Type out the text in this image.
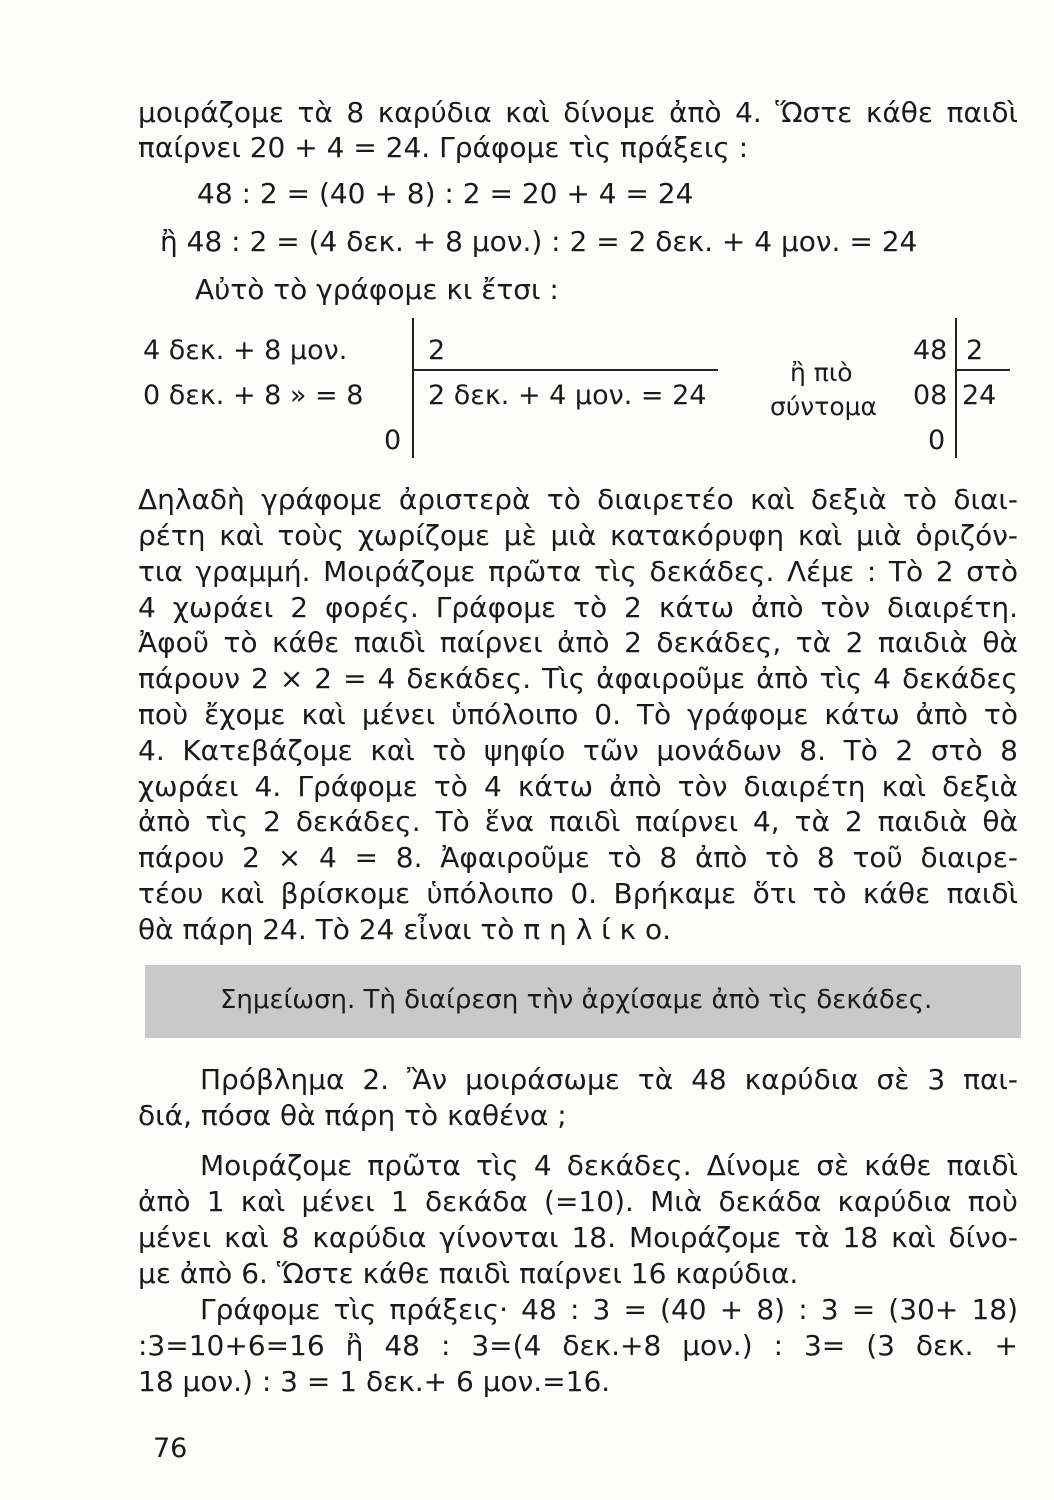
μοιράζομε τὰ 8 καρύδια καὶ δίνομε ἀπὸ 4. Ὥστε κάθε παιδὶ
παίρνει 20 + 4 = 24. Γράφομε τὶς πράξεις :
48 : 2 = (40 + 8) : 2 = 20 + 4 = 24
ἢ 48 : 2 = (4 δεκ. + 8 μον.) : 2 = 2 δεκ. + 4 μον. = 24
Αὐτὸ τὸ γράφομε κι ἔτσι :
4 δεκ. + 8 μον.
0 δεκ. + 8 » = 8
0
2
2 δεκ. + 4 μον. = 24
ἢ πιὸ
σύντομα
48
08
0
2
24
Δηλαδὴ γράφομε ἀριστερὰ τὸ διαιρετέο καὶ δεξιὰ τὸ διαι-
ρέτη καὶ τοὺς χωρίζομε μὲ μιὰ κατακόρυφη καὶ μιὰ ὁριζόν-
τια γραμμή. Μοιράζομε πρῶτα τὶς δεκάδες. Λέμε : Τὸ 2 στὸ
4 χωράει 2 φορές. Γράφομε τὸ 2 κάτω ἀπὸ τὸν διαιρέτη.
Ἀφοῦ τὸ κάθε παιδὶ παίρνει ἀπὸ 2 δεκάδες, τὰ 2 παιδιὰ θὰ
πάρουν 2 × 2 = 4 δεκάδες. Τὶς ἀφαιροῦμε ἀπὸ τὶς 4 δεκάδες
ποὺ ἔχομε καὶ μένει ὑπόλοιπο 0. Τὸ γράφομε κάτω ἀπὸ τὸ
4. Κατεβάζομε καὶ τὸ ψηφίο τῶν μονάδων 8. Τὸ 2 στὸ 8
χωράει 4. Γράφομε τὸ 4 κάτω ἀπὸ τὸν διαιρέτη καὶ δεξιὰ
ἀπὸ τὶς 2 δεκάδες. Τὸ ἕνα παιδὶ παίρνει 4, τὰ 2 παιδιὰ θὰ
πάρου 2 × 4 = 8. Ἀφαιροῦμε τὸ 8 ἀπὸ τὸ 8 τοῦ διαιρε-
τέου καὶ βρίσκομε ὑπόλοιπο 0. Βρήκαμε ὅτι τὸ κάθε παιδὶ
θὰ πάρη 24. Τὸ 24 εἶναι τὸ π η λ ί κ ο.
Σημείωση. Τὴ διαίρεση τὴν ἀρχίσαμε ἀπὸ τὶς δεκάδες.
Πρόβλημα 2. Ἂν μοιράσωμε τὰ 48 καρύδια σὲ 3 παι-
διά, πόσα θὰ πάρη τὸ καθένα ;
Μοιράζομε πρῶτα τὶς 4 δεκάδες. Δίνομε σὲ κάθε παιδὶ
ἀπὸ 1 καὶ μένει 1 δεκάδα (=10). Μιὰ δεκάδα καρύδια ποὺ
μένει καὶ 8 καρύδια γίνονται 18. Μοιράζομε τὰ 18 καὶ δίνο-
με ἀπὸ 6. Ὥστε κάθε παιδὶ παίρνει 16 καρύδια.
Γράφομε τὶς πράξεις· 48 : 3 = (40 + 8) : 3 = (30+ 18)
:3=10+6=16 ἢ 48 : 3=(4 δεκ.+8 μον.) : 3= (3 δεκ. +
18 μον.) : 3 = 1 δεκ.+ 6 μον.=16.
76
